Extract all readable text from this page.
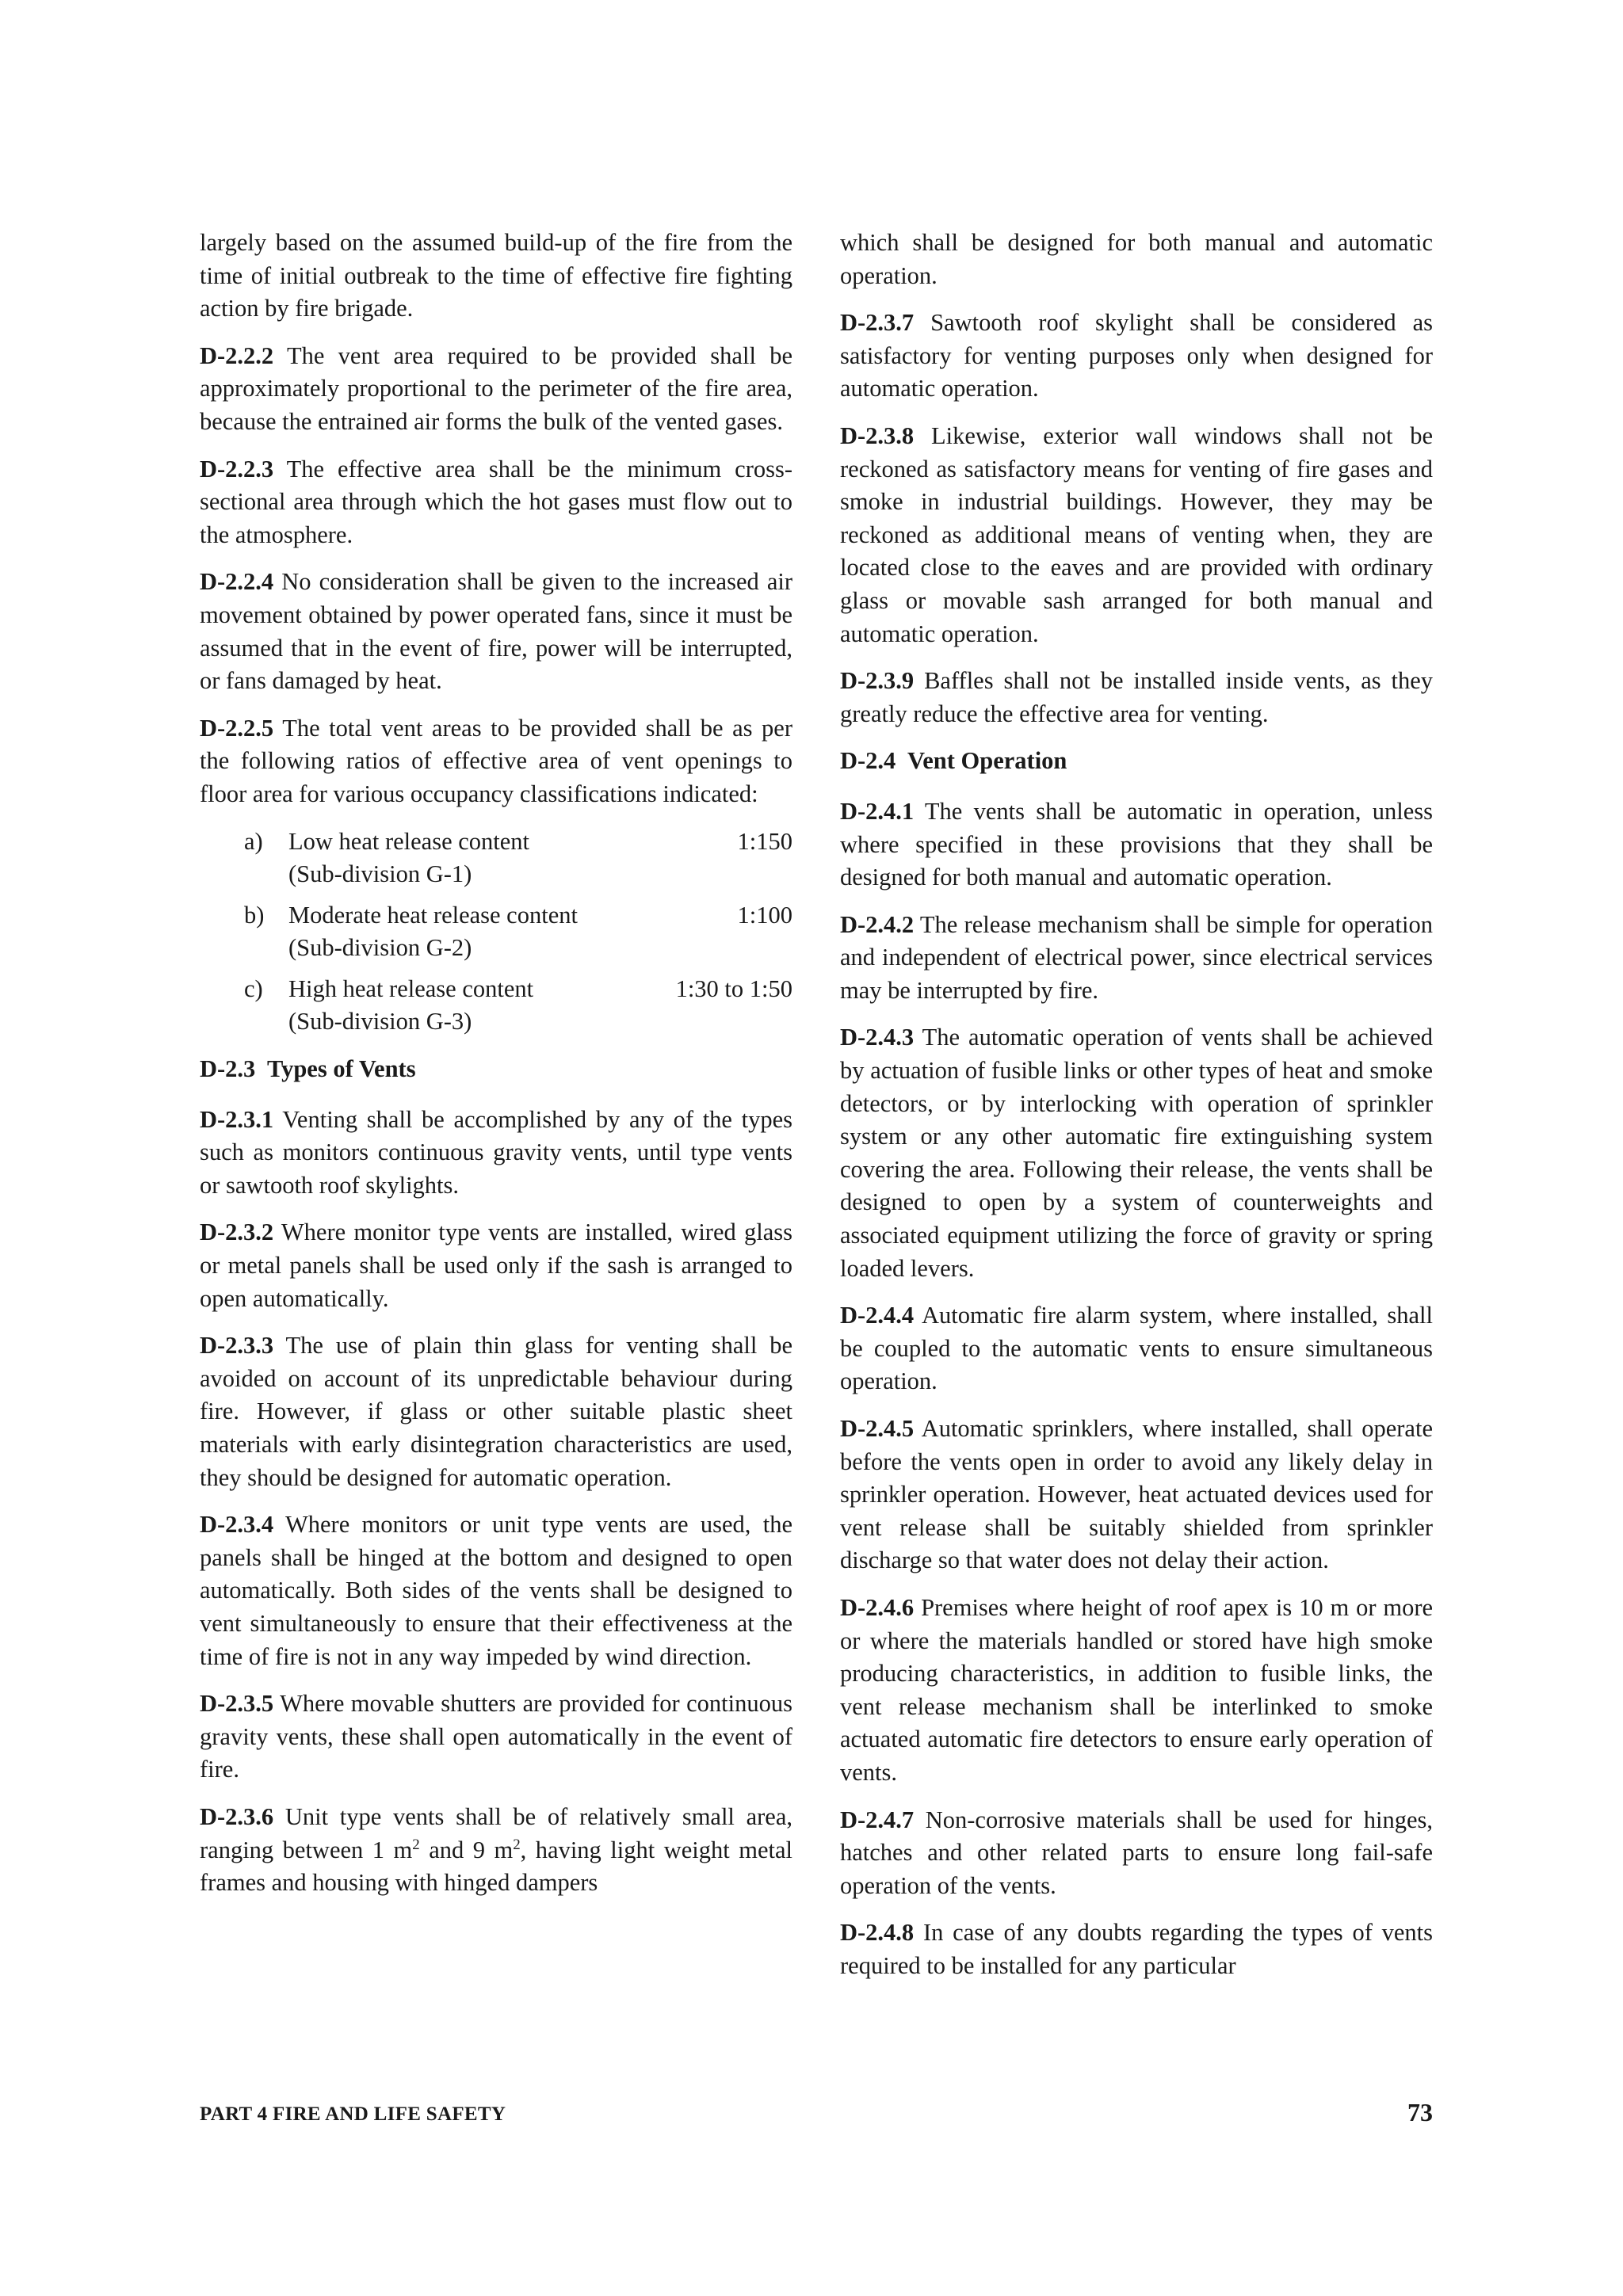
largely based on the assumed build-up of the fire from the time of initial outbreak to the time of effective fire fighting action by fire brigade.

D-2.2.2 The vent area required to be provided shall be approximately proportional to the perimeter of the fire area, because the entrained air forms the bulk of the vented gases.

D-2.2.3 The effective area shall be the minimum cross-sectional area through which the hot gases must flow out to the atmosphere.

D-2.2.4 No consideration shall be given to the increased air movement obtained by power operated fans, since it must be assumed that in the event of fire, power will be interrupted, or fans damaged by heat.

D-2.2.5 The total vent areas to be provided shall be as per the following ratios of effective area of vent openings to floor area for various occupancy classifications indicated:

a)	Low heat release content	1:150
(Sub-division G-1)
b)	Moderate heat release content	1:100
(Sub-division G-2)
c)	High heat release content	1:30 to 1:50
(Sub-division G-3)

D-2.3 Types of Vents

D-2.3.1 Venting shall be accomplished by any of the types such as monitors continuous gravity vents, until type vents or sawtooth roof skylights.

D-2.3.2 Where monitor type vents are installed, wired glass or metal panels shall be used only if the sash is arranged to open automatically.

D-2.3.3 The use of plain thin glass for venting shall be avoided on account of its unpredictable behaviour during fire. However, if glass or other suitable plastic sheet materials with early disintegration characteristics are used, they should be designed for automatic operation.

D-2.3.4 Where monitors or unit type vents are used, the panels shall be hinged at the bottom and designed to open automatically. Both sides of the vents shall be designed to vent simultaneously to ensure that their effectiveness at the time of fire is not in any way impeded by wind direction.

D-2.3.5 Where movable shutters are provided for continuous gravity vents, these shall open automatically in the event of fire.

D-2.3.6 Unit type vents shall be of relatively small area, ranging between 1 $m^2$ and 9 $m^2$, having light weight metal frames and housing with hinged dampers

which shall be designed for both manual and automatic operation.

D-2.3.7 Sawtooth roof skylight shall be considered as satisfactory for venting purposes only when designed for automatic operation.

D-2.3.8 Likewise, exterior wall windows shall not be reckoned as satisfactory means for venting of fire gases and smoke in industrial buildings. However, they may be reckoned as additional means of venting when, they are located close to the eaves and are provided with ordinary glass or movable sash arranged for both manual and automatic operation.

D-2.3.9 Baffles shall not be installed inside vents, as they greatly reduce the effective area for venting.

D-2.4 Vent Operation

D-2.4.1 The vents shall be automatic in operation, unless where specified in these provisions that they shall be designed for both manual and automatic operation.

D-2.4.2 The release mechanism shall be simple for operation and independent of electrical power, since electrical services may be interrupted by fire.

D-2.4.3 The automatic operation of vents shall be achieved by actuation of fusible links or other types of heat and smoke detectors, or by interlocking with operation of sprinkler system or any other automatic fire extinguishing system covering the area. Following their release, the vents shall be designed to open by a system of counterweights and associated equipment utilizing the force of gravity or spring loaded levers.

D-2.4.4 Automatic fire alarm system, where installed, shall be coupled to the automatic vents to ensure simultaneous operation.

D-2.4.5 Automatic sprinklers, where installed, shall operate before the vents open in order to avoid any likely delay in sprinkler operation. However, heat actuated devices used for vent release shall be suitably shielded from sprinkler discharge so that water does not delay their action.

D-2.4.6 Premises where height of roof apex is 10 m or more or where the materials handled or stored have high smoke producing characteristics, in addition to fusible links, the vent release mechanism shall be interlinked to smoke actuated automatic fire detectors to ensure early operation of vents.

D-2.4.7 Non-corrosive materials shall be used for hinges, hatches and other related parts to ensure long fail-safe operation of the vents.

D-2.4.8 In case of any doubts regarding the types of vents required to be installed for any particular

PART 4 FIRE AND LIFE SAFETY	73
